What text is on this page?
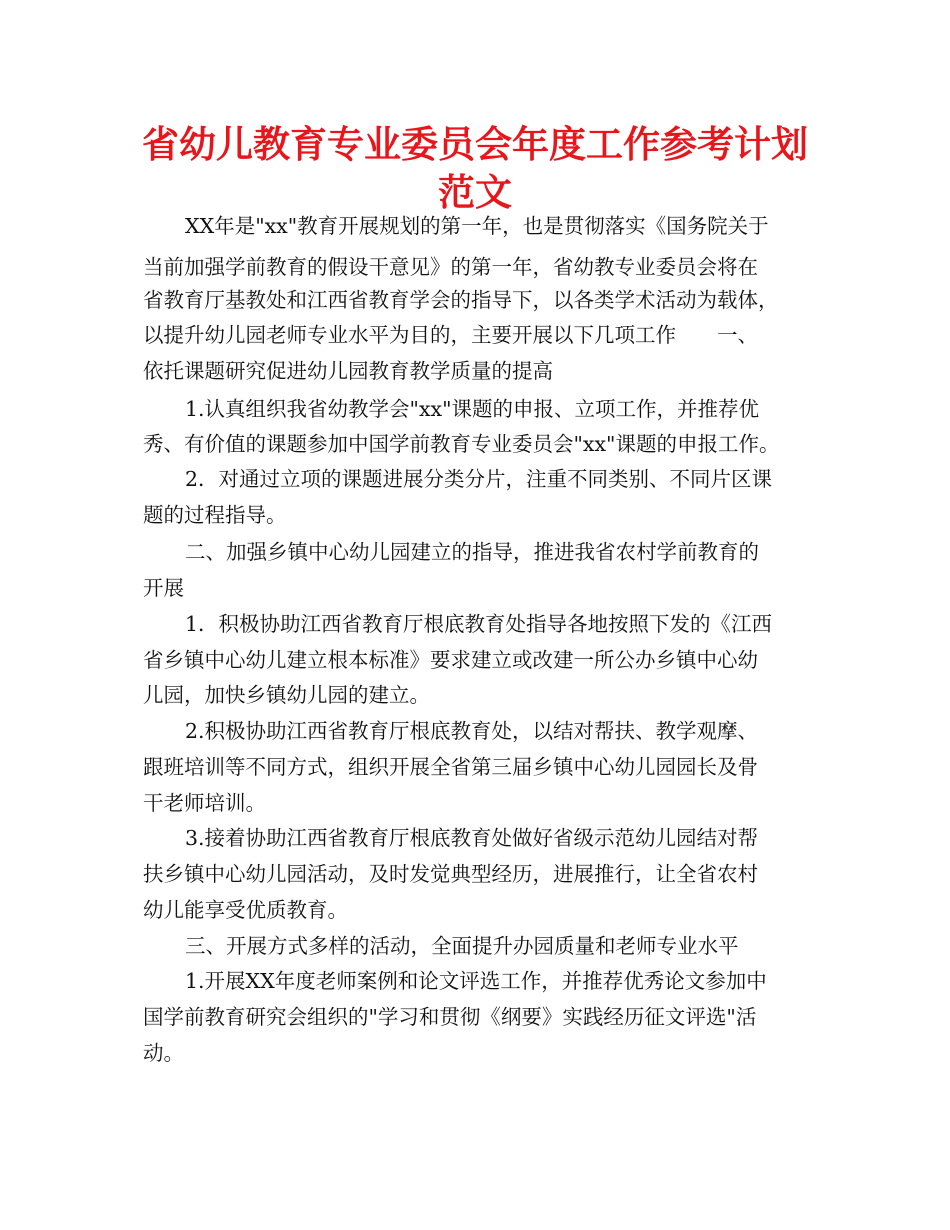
省幼儿教育专业委员会年度工作参考计划
范文
XX年是"xx"教育开展规划的第一年，也是贯彻落实《国务院关于
当前加强学前教育的假设干意见》的第一年，省幼教专业委员会将在
省教育厅基教处和江西省教育学会的指导下，以各类学术活动为载体，
以提升幼儿园老师专业水平为目的，主要开展以下几项工作　　一、
依托课题研究促进幼儿园教育教学质量的提高
1.认真组织我省幼教学会"xx"课题的申报、立项工作，并推荐优
秀、有价值的课题参加中国学前教育专业委员会"xx"课题的申报工作。
2．对通过立项的课题进展分类分片，注重不同类别、不同片区课
题的过程指导。
二、加强乡镇中心幼儿园建立的指导，推进我省农村学前教育的
开展
1．积极协助江西省教育厅根底教育处指导各地按照下发的《江西
省乡镇中心幼儿建立根本标准》要求建立或改建一所公办乡镇中心幼
儿园，加快乡镇幼儿园的建立。
2.积极协助江西省教育厅根底教育处，以结对帮扶、教学观摩、
跟班培训等不同方式，组织开展全省第三届乡镇中心幼儿园园长及骨
干老师培训。
3.接着协助江西省教育厅根底教育处做好省级示范幼儿园结对帮
扶乡镇中心幼儿园活动，及时发觉典型经历，进展推行，让全省农村
幼儿能享受优质教育。
三、开展方式多样的活动，全面提升办园质量和老师专业水平
1.开展XX年度老师案例和论文评选工作，并推荐优秀论文参加中
国学前教育研究会组织的"学习和贯彻《纲要》实践经历征文评选"活
动。
